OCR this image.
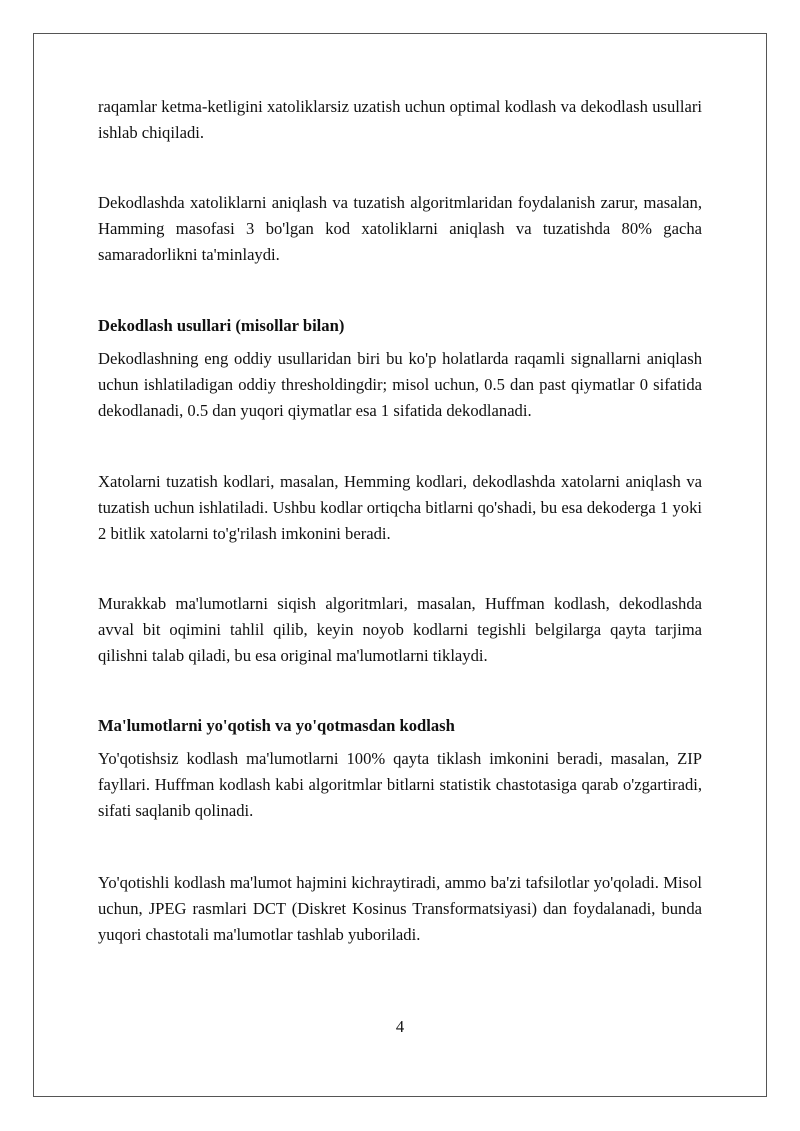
raqamlar ketma-ketligini xatoliklarsiz uzatish uchun optimal kodlash va dekodlash usullari ishlab chiqiladi.

Dekodlashda xatoliklarni aniqlash va tuzatish algoritmlaridan foydalanish zarur, masalan, Hamming masofasi 3 bo'lgan kod xatoliklarni aniqlash va tuzatishda 80% gacha samaradorlikni ta'minlaydi.

Dekodlash usullari (misollar bilan)

Dekodlashning eng oddiy usullaridan biri bu ko'p holatlarda raqamli signallarni aniqlash uchun ishlatiladigan oddiy thresholdingdir; misol uchun, 0.5 dan past qiymatlar 0 sifatida dekodlanadi, 0.5 dan yuqori qiymatlar esa 1 sifatida dekodlanadi.

Xatolarni tuzatish kodlari, masalan, Hemming kodlari, dekodlashda xatolarni aniqlash va tuzatish uchun ishlatiladi. Ushbu kodlar ortiqcha bitlarni qo'shadi, bu esa dekoderga 1 yoki 2 bitlik xatolarni to'g'rilash imkonini beradi.

Murakkab ma'lumotlarni siqish algoritmlari, masalan, Huffman kodlash, dekodlashda avval bit oqimini tahlil qilib, keyin noyob kodlarni tegishli belgilarga qayta tarjima qilishni talab qiladi, bu esa original ma'lumotlarni tiklaydi.

Ma'lumotlarni yo'qotish va yo'qotmasdan kodlash

Yo'qotishsiz kodlash ma'lumotlarni 100% qayta tiklash imkonini beradi, masalan, ZIP fayllari. Huffman kodlash kabi algoritmlar bitlarni statistik chastotasiga qarab o'zgartiradi, sifati saqlanib qolinadi.

Yo'qotishli kodlash ma'lumot hajmini kichraytiradi, ammo ba'zi tafsilotlar yo'qoladi. Misol uchun, JPEG rasmlari DCT (Diskret Kosinus Transformatsiyasi) dan foydalanadi, bunda yuqori chastotali ma'lumotlar tashlab yuboriladi.

4
